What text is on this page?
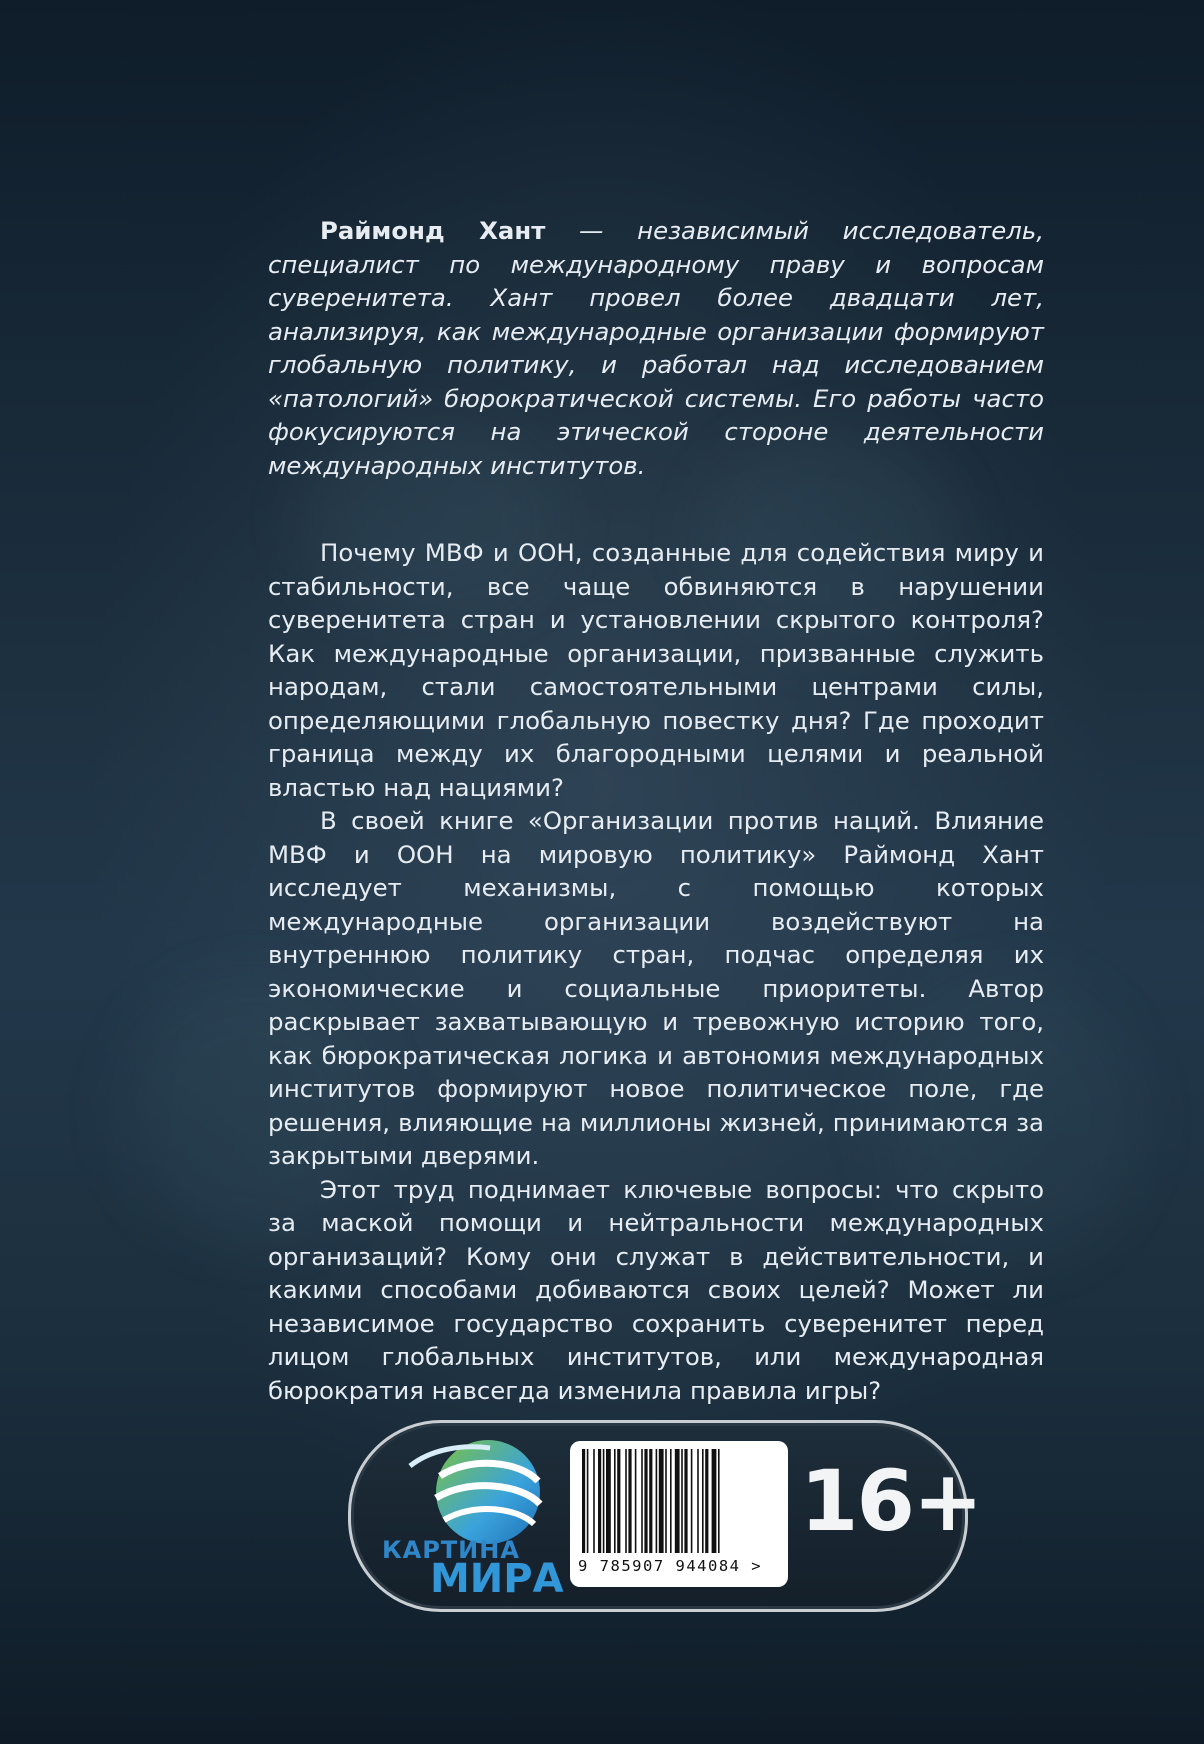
Раймонд Хант — независимый исследователь, специалист по международному праву и вопросам суверенитета. Хант провел более двадцати лет, анализируя, как международные организации формируют глобальную политику, и работал над исследованием «патологий» бюрократической системы. Его работы часто фокусируются на этической стороне деятельности международных институтов.

Почему МВФ и ООН, созданные для содействия миру и стабильности, все чаще обвиняются в нарушении суверенитета стран и установлении скрытого контроля? Как международные организации, призванные служить народам, стали самостоятельными центрами силы, определяющими глобальную повестку дня? Где проходит граница между их благородными целями и реальной властью над нациями?

В своей книге «Организации против наций. Влияние МВФ и ООН на мировую политику» Раймонд Хант исследует механизмы, с помощью которых международные организации воздействуют на внутреннюю политику стран, подчас определяя их экономические и социальные приоритеты. Автор раскрывает захватывающую и тревожную историю того, как бюрократическая логика и автономия международных институтов формируют новое политическое поле, где решения, влияющие на миллионы жизней, принимаются за закрытыми дверями.

Этот труд поднимает ключевые вопросы: что скрыто за маской помощи и нейтральности международных организаций? Кому они служат в действительности, и какими способами добиваются своих целей? Может ли независимое государство сохранить суверенитет перед лицом глобальных институтов, или международная бюрократия навсегда изменила правила игры?

КАРТИНА
МИРА 9 785907 944084 >
16+
